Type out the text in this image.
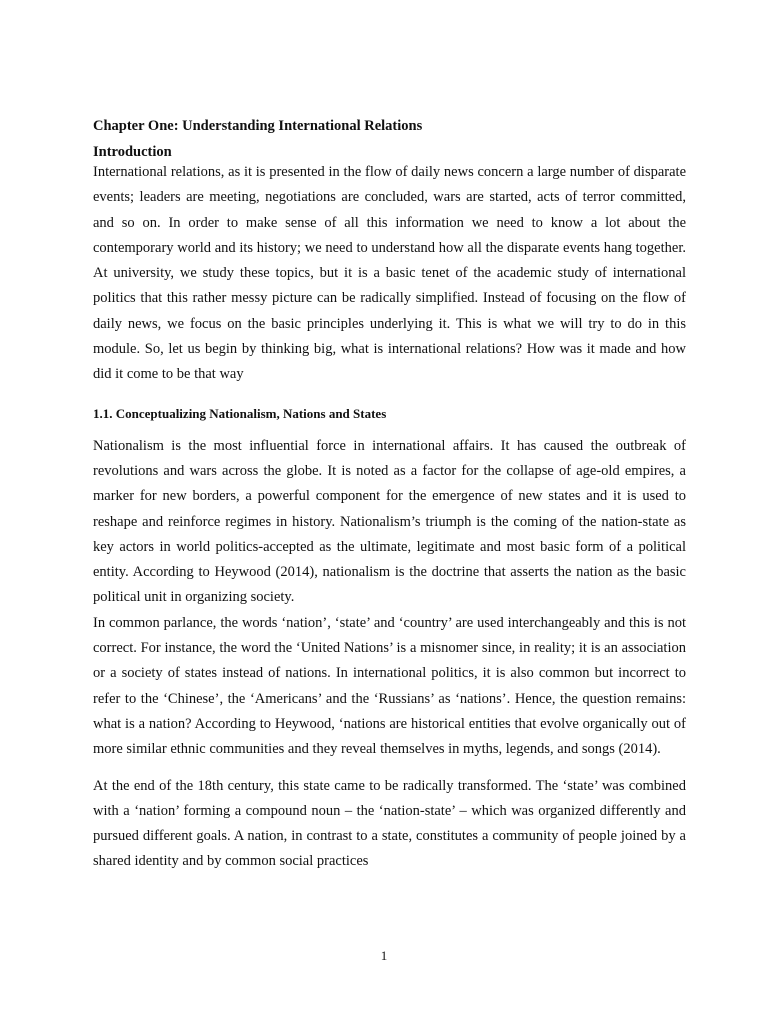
Chapter One: Understanding International Relations

Introduction

International relations, as it is presented in the flow of daily news concern a large number of disparate events; leaders are meeting, negotiations are concluded, wars are started, acts of terror committed, and so on. In order to make sense of all this information we need to know a lot about the contemporary world and its history; we need to understand how all the disparate events hang together. At university, we study these topics, but it is a basic tenet of the academic study of international politics that this rather messy picture can be radically simplified. Instead of focusing on the flow of daily news, we focus on the basic principles underlying it. This is what we will try to do in this module. So, let us begin by thinking big, what is international relations? How was it made and how did it come to be that way

1.1. Conceptualizing Nationalism, Nations and States

Nationalism is the most influential force in international affairs. It has caused the outbreak of revolutions and wars across the globe. It is noted as a factor for the collapse of age-old empires, a marker for new borders, a powerful component for the emergence of new states and it is used to reshape and reinforce regimes in history. Nationalism’s triumph is the coming of the nation-state as key actors in world politics-accepted as the ultimate, legitimate and most basic form of a political entity. According to Heywood (2014), nationalism is the doctrine that asserts the nation as the basic political unit in organizing society.

In common parlance, the words ‘nation’, ‘state’ and ‘country’ are used interchangeably and this is not correct. For instance, the word the ‘United Nations’ is a misnomer since, in reality; it is an association or a society of states instead of nations. In international politics, it is also common but incorrect to refer to the ‘Chinese’, the ‘Americans’ and the ‘Russians’ as ‘nations’. Hence, the question remains: what is a nation? According to Heywood, ‘nations are historical entities that evolve organically out of more similar ethnic communities and they reveal themselves in myths, legends, and songs (2014).

At the end of the 18th century, this state came to be radically transformed. The ‘state’ was combined with a ‘nation’ forming a compound noun – the ‘nation-state’ – which was organized differently and pursued different goals. A nation, in contrast to a state, constitutes a community of people joined by a shared identity and by common social practices

1
